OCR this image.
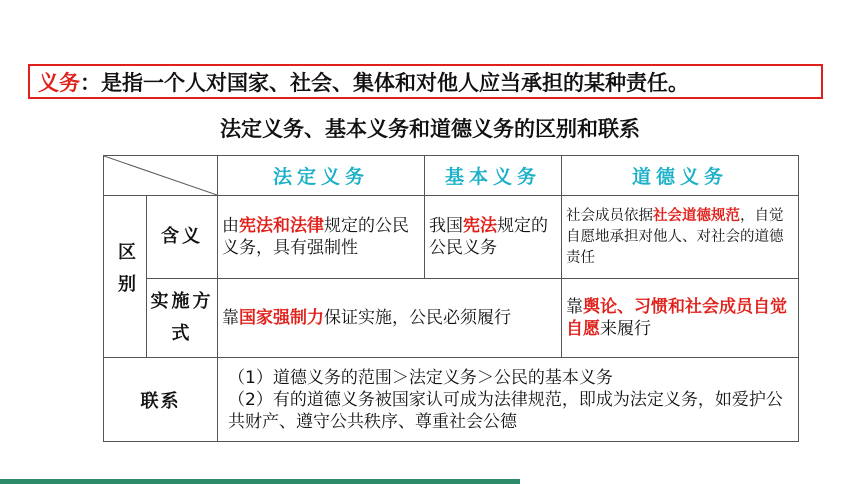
义务 ： 是指一个人对国家、社会、集体和对他人应当承担的某种责任。
法定义务、基本义务和道德义务的区别和联系
	法定义务	基本义务	道德义务
区别	含义	由宪法和法律规定的公民义务，具有强制性	我国宪法规定的公民义务	社会成员依据社会道德规范，自觉自愿地承担对他人、对社会的道德责任
	实施方式	靠国家强制力保证实施，公民必须履行		靠舆论、习惯和社会成员自觉自愿来履行
联系		（1）道德义务的范围＞法定义务＞公民的基本义务
（2）有的道德义务被国家认可成为法律规范，即成为法定义务，如爱护公共财产、遵守公共秩序、尊重社会公德		
